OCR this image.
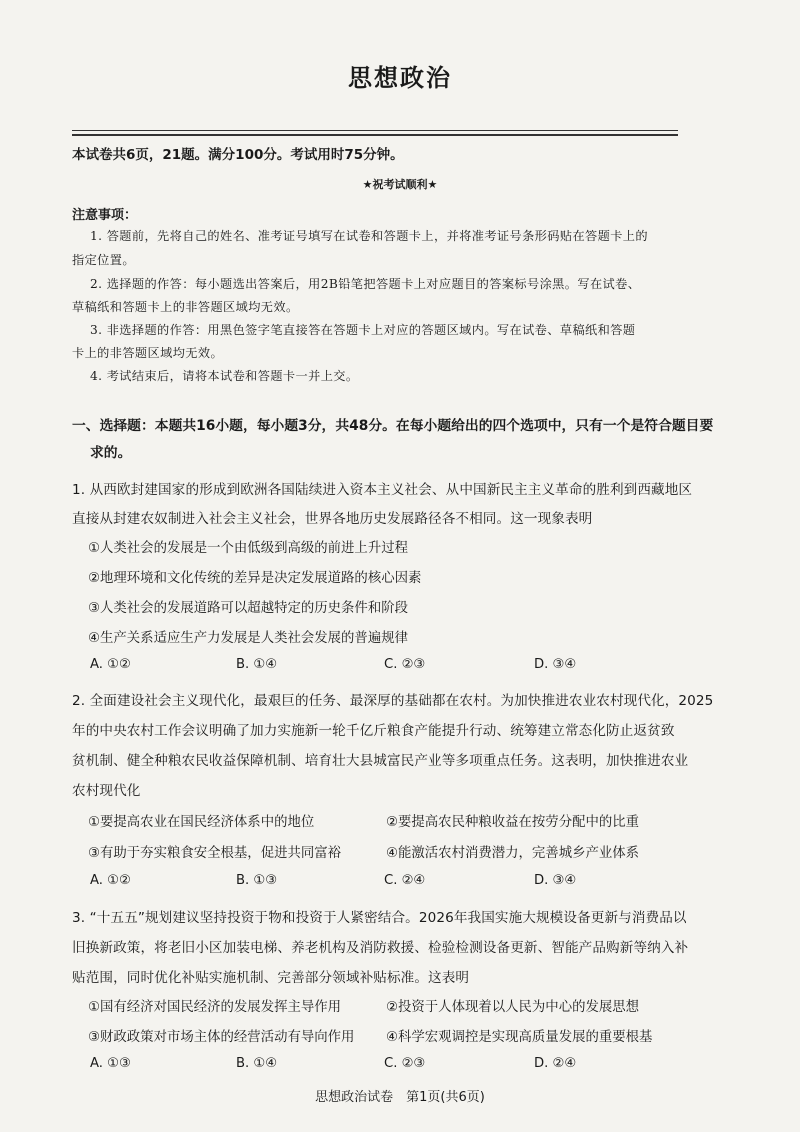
思想政治
本试卷共6页，21题。满分100分。考试用时75分钟。
★祝考试顺利★
注意事项：
1. 答题前，先将自己的姓名、准考证号填写在试卷和答题卡上，并将准考证号条形码贴在答题卡上的
指定位置。
2. 选择题的作答：每小题选出答案后，用2B铅笔把答题卡上对应题目的答案标号涂黑。写在试卷、
草稿纸和答题卡上的非答题区域均无效。
3. 非选择题的作答：用黑色签字笔直接答在答题卡上对应的答题区域内。写在试卷、草稿纸和答题
卡上的非答题区域均无效。
4. 考试结束后，请将本试卷和答题卡一并上交。
一、选择题：本题共16小题，每小题3分，共48分。在每小题给出的四个选项中，只有一个是符合题目要
求的。
1. 从西欧封建国家的形成到欧洲各国陆续进入资本主义社会、从中国新民主主义革命的胜利到西藏地区
直接从封建农奴制进入社会主义社会，世界各地历史发展路径各不相同。这一现象表明
①人类社会的发展是一个由低级到高级的前进上升过程
②地理环境和文化传统的差异是决定发展道路的核心因素
③人类社会的发展道路可以超越特定的历史条件和阶段
④生产关系适应生产力发展是人类社会发展的普遍规律
A. ①②	B. ①④	C. ②③	D. ③④
2. 全面建设社会主义现代化，最艰巨的任务、最深厚的基础都在农村。为加快推进农业农村现代化，2025
年的中央农村工作会议明确了加力实施新一轮千亿斤粮食产能提升行动、统筹建立常态化防止返贫致
贫机制、健全种粮农民收益保障机制、培育壮大县城富民产业等多项重点任务。这表明，加快推进农业
农村现代化
①要提高农业在国民经济体系中的地位	②要提高农民种粮收益在按劳分配中的比重
③有助于夯实粮食安全根基，促进共同富裕	④能激活农村消费潜力，完善城乡产业体系
A. ①②	B. ①③	C. ②④	D. ③④
3. “十五五”规划建议坚持投资于物和投资于人紧密结合。2026年我国实施大规模设备更新与消费品以
旧换新政策，将老旧小区加装电梯、养老机构及消防救援、检验检测设备更新、智能产品购新等纳入补
贴范围，同时优化补贴实施机制、完善部分领域补贴标准。这表明
①国有经济对国民经济的发展发挥主导作用	②投资于人体现着以人民为中心的发展思想
③财政政策对市场主体的经营活动有导向作用 ④科学宏观调控是实现高质量发展的重要根基
A. ①③	B. ①④	C. ②③	D. ②④
思想政治试卷　第1页(共6页)
